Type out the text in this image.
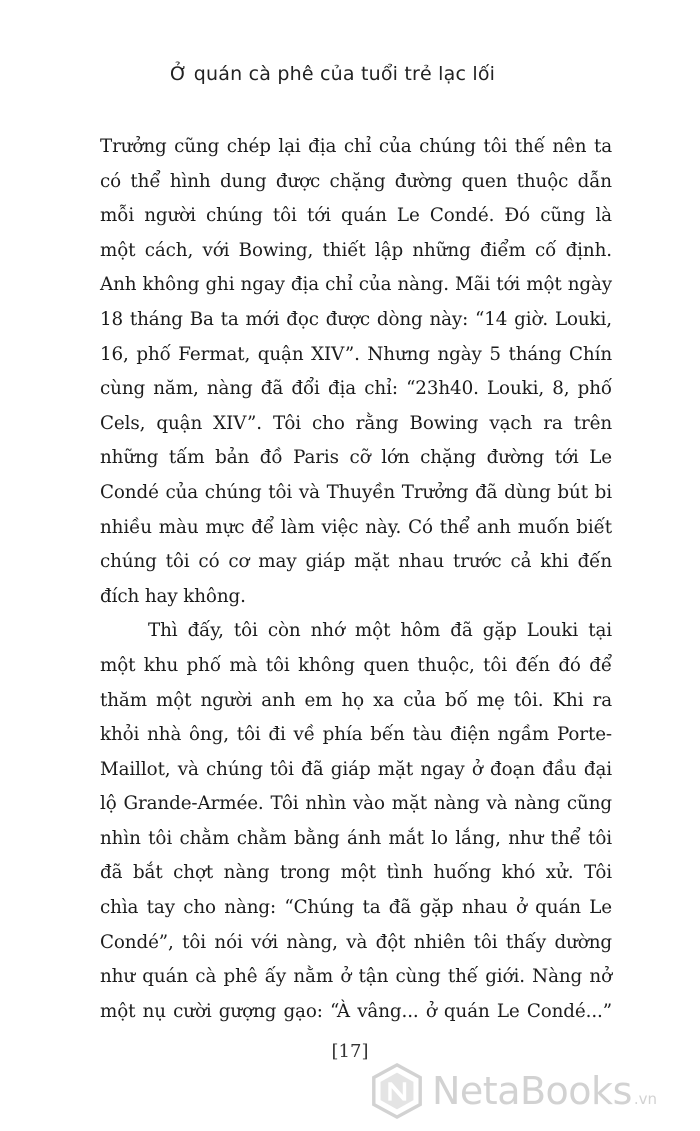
Ở quán cà phê của tuổi trẻ lạc lối
Trưởng cũng chép lại địa chỉ của chúng tôi thế nên ta
có thể hình dung được chặng đường quen thuộc dẫn
mỗi người chúng tôi tới quán Le Condé. Đó cũng là
một cách, với Bowing, thiết lập những điểm cố định.
Anh không ghi ngay địa chỉ của nàng. Mãi tới một ngày
18 tháng Ba ta mới đọc được dòng này: “14 giờ. Louki,
16, phố Fermat, quận XIV”. Nhưng ngày 5 tháng Chín
cùng năm, nàng đã đổi địa chỉ: “23h40. Louki, 8, phố
Cels, quận XIV”. Tôi cho rằng Bowing vạch ra trên
những tấm bản đồ Paris cỡ lớn chặng đường tới Le
Condé của chúng tôi và Thuyền Trưởng đã dùng bút bi
nhiều màu mực để làm việc này. Có thể anh muốn biết
chúng tôi có cơ may giáp mặt nhau trước cả khi đến
đích hay không.
Thì đấy, tôi còn nhớ một hôm đã gặp Louki tại
một khu phố mà tôi không quen thuộc, tôi đến đó để
thăm một người anh em họ xa của bố mẹ tôi. Khi ra
khỏi nhà ông, tôi đi về phía bến tàu điện ngầm Porte-
Maillot, và chúng tôi đã giáp mặt ngay ở đoạn đầu đại
lộ Grande-Armée. Tôi nhìn vào mặt nàng và nàng cũng
nhìn tôi chằm chằm bằng ánh mắt lo lắng, như thể tôi
đã bắt chợt nàng trong một tình huống khó xử. Tôi
chìa tay cho nàng: “Chúng ta đã gặp nhau ở quán Le
Condé”, tôi nói với nàng, và đột nhiên tôi thấy dường
như quán cà phê ấy nằm ở tận cùng thế giới. Nàng nở
một nụ cười gượng gạo: “À vâng... ở quán Le Condé...”
[17]
NetaBooks .vn
